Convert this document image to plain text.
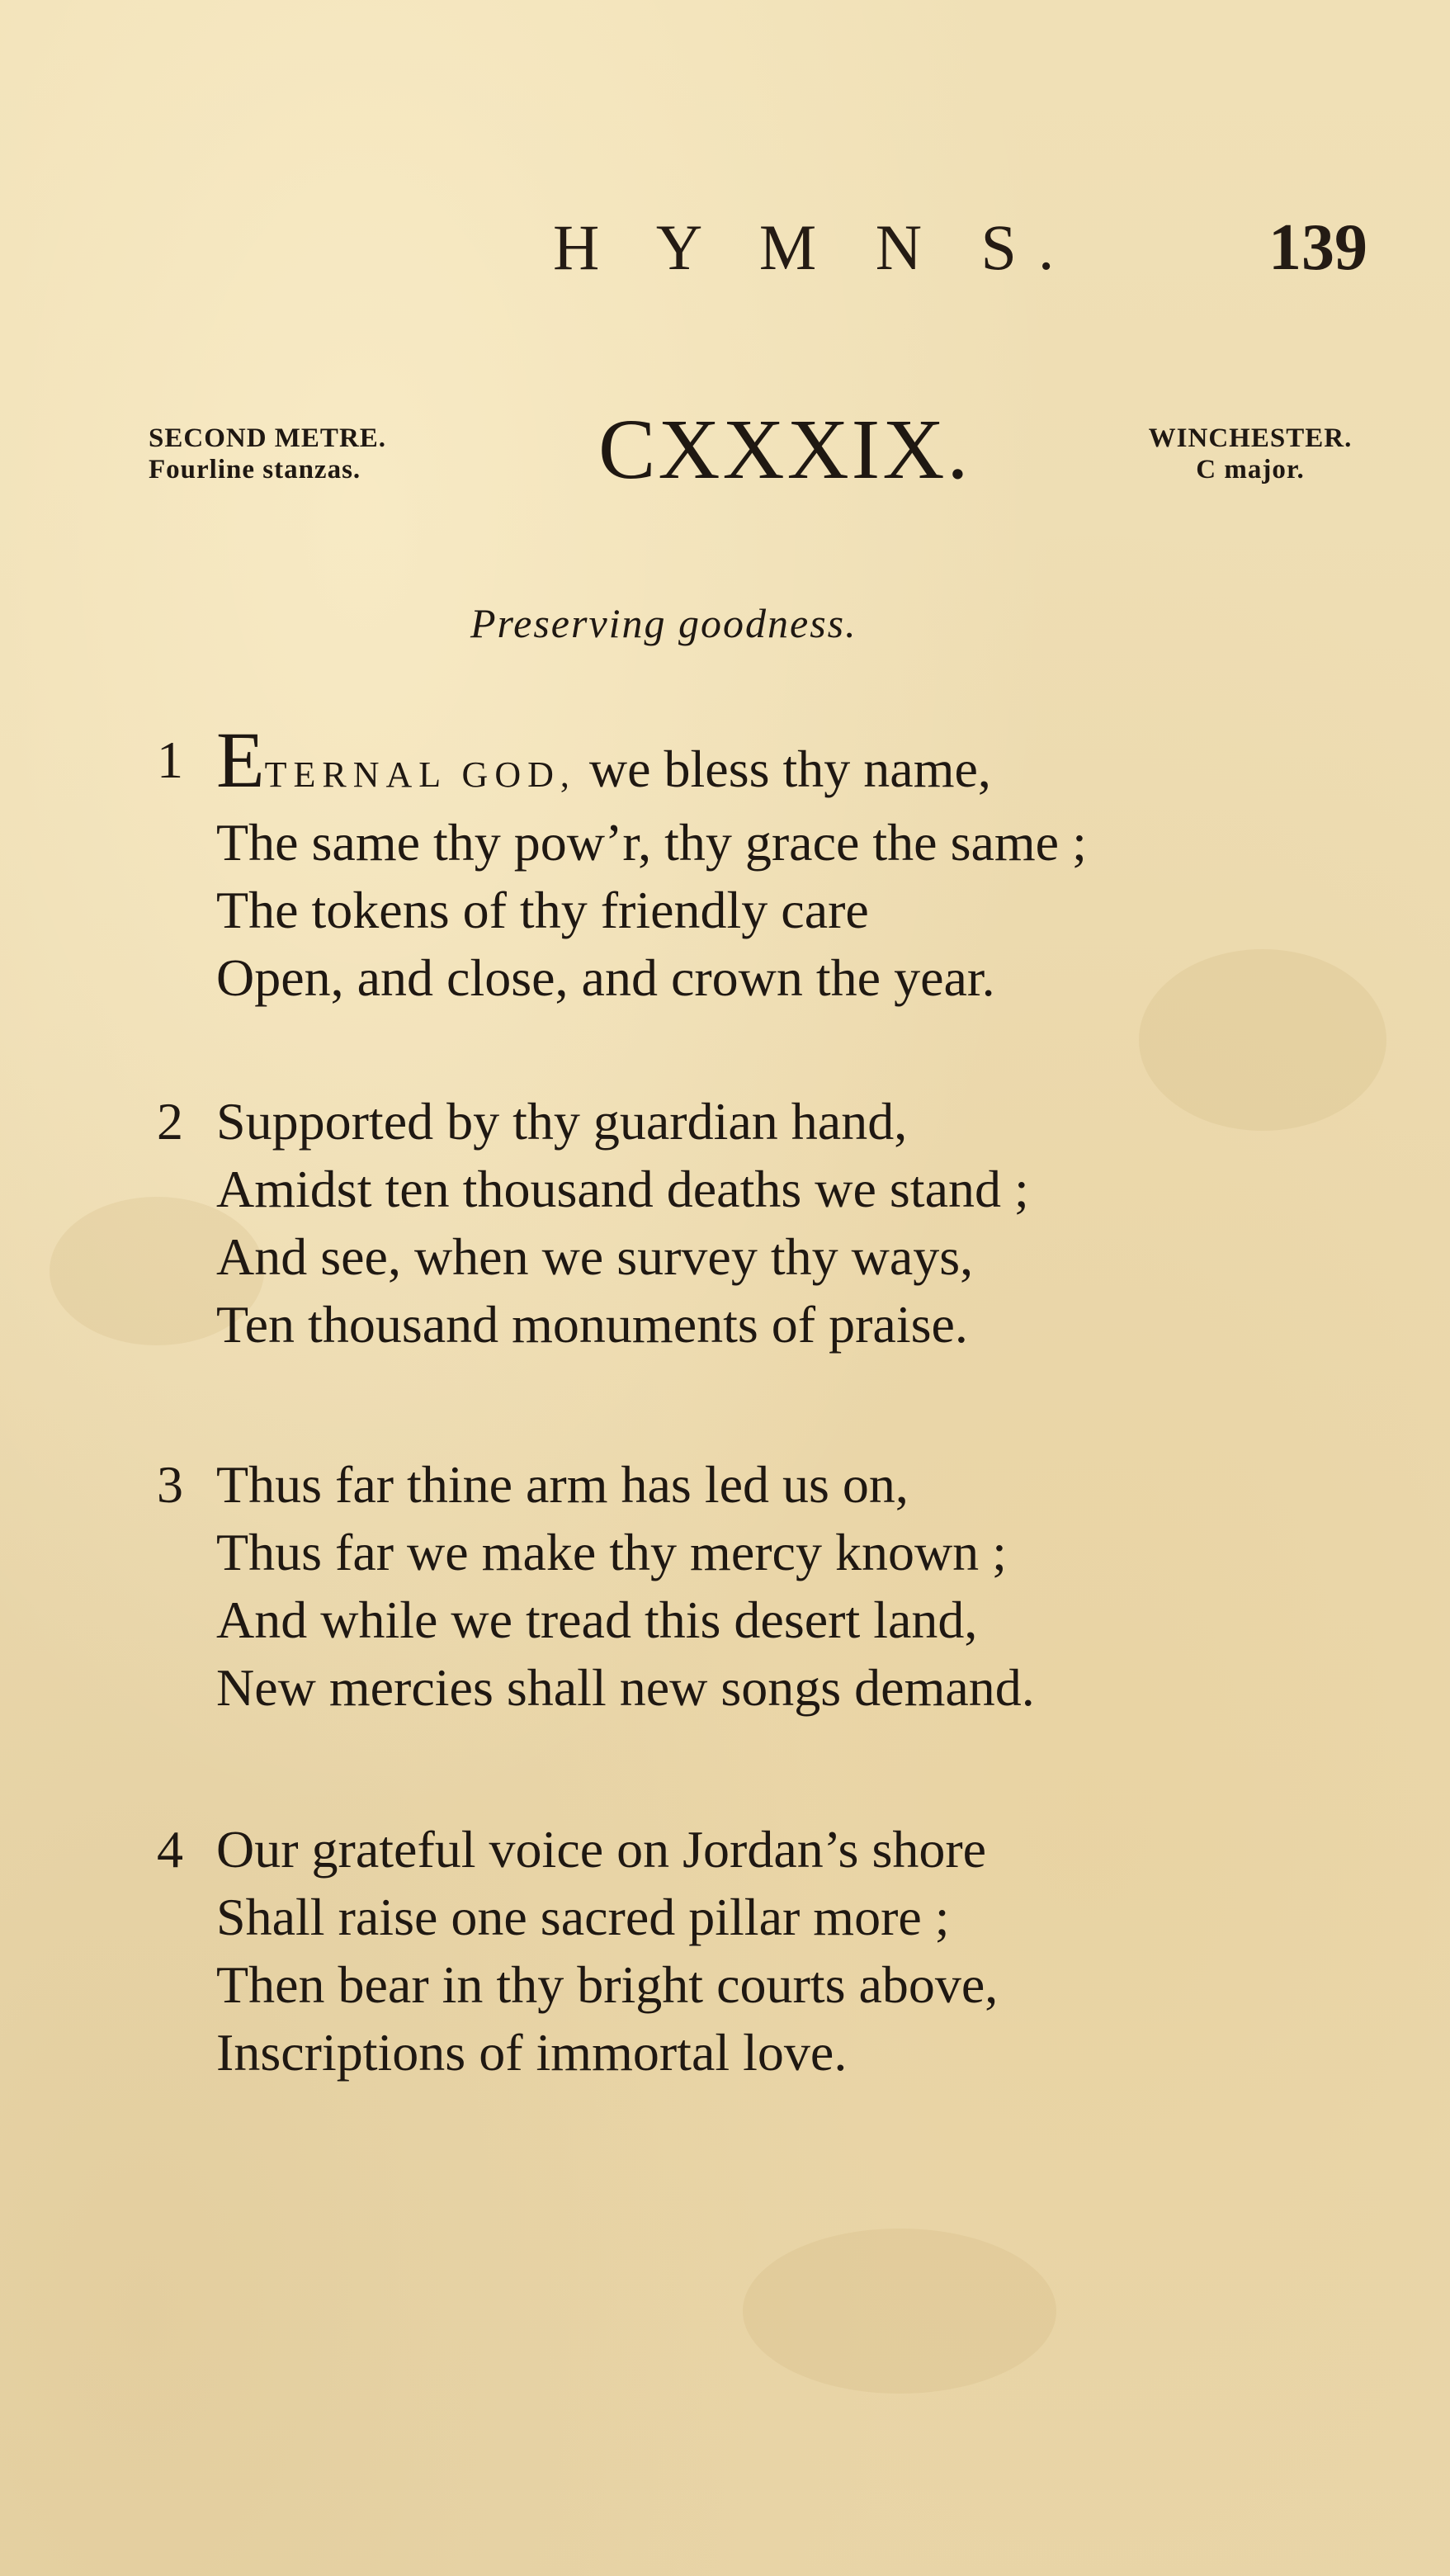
H Y M N S.	139
SECOND METRE.
Fourline stanzas.	CXXXIX.	WINCHESTER.
C major.
Preserving goodness.
1 ETERNAL GOD, we bless thy name,
The same thy pow’r, thy grace the same ;
The tokens of thy friendly care
Open, and close, and crown the year.
2 Supported by thy guardian hand,
Amidst ten thousand deaths we stand ;
And see, when we survey thy ways,
Ten thousand monuments of praise.
3 Thus far thine arm has led us on,
Thus far we make thy mercy known ;
And while we tread this desert land,
New mercies shall new songs demand.
4 Our grateful voice on Jordan’s shore
Shall raise one sacred pillar more ;
Then bear in thy bright courts above,
Inscriptions of immortal love.
